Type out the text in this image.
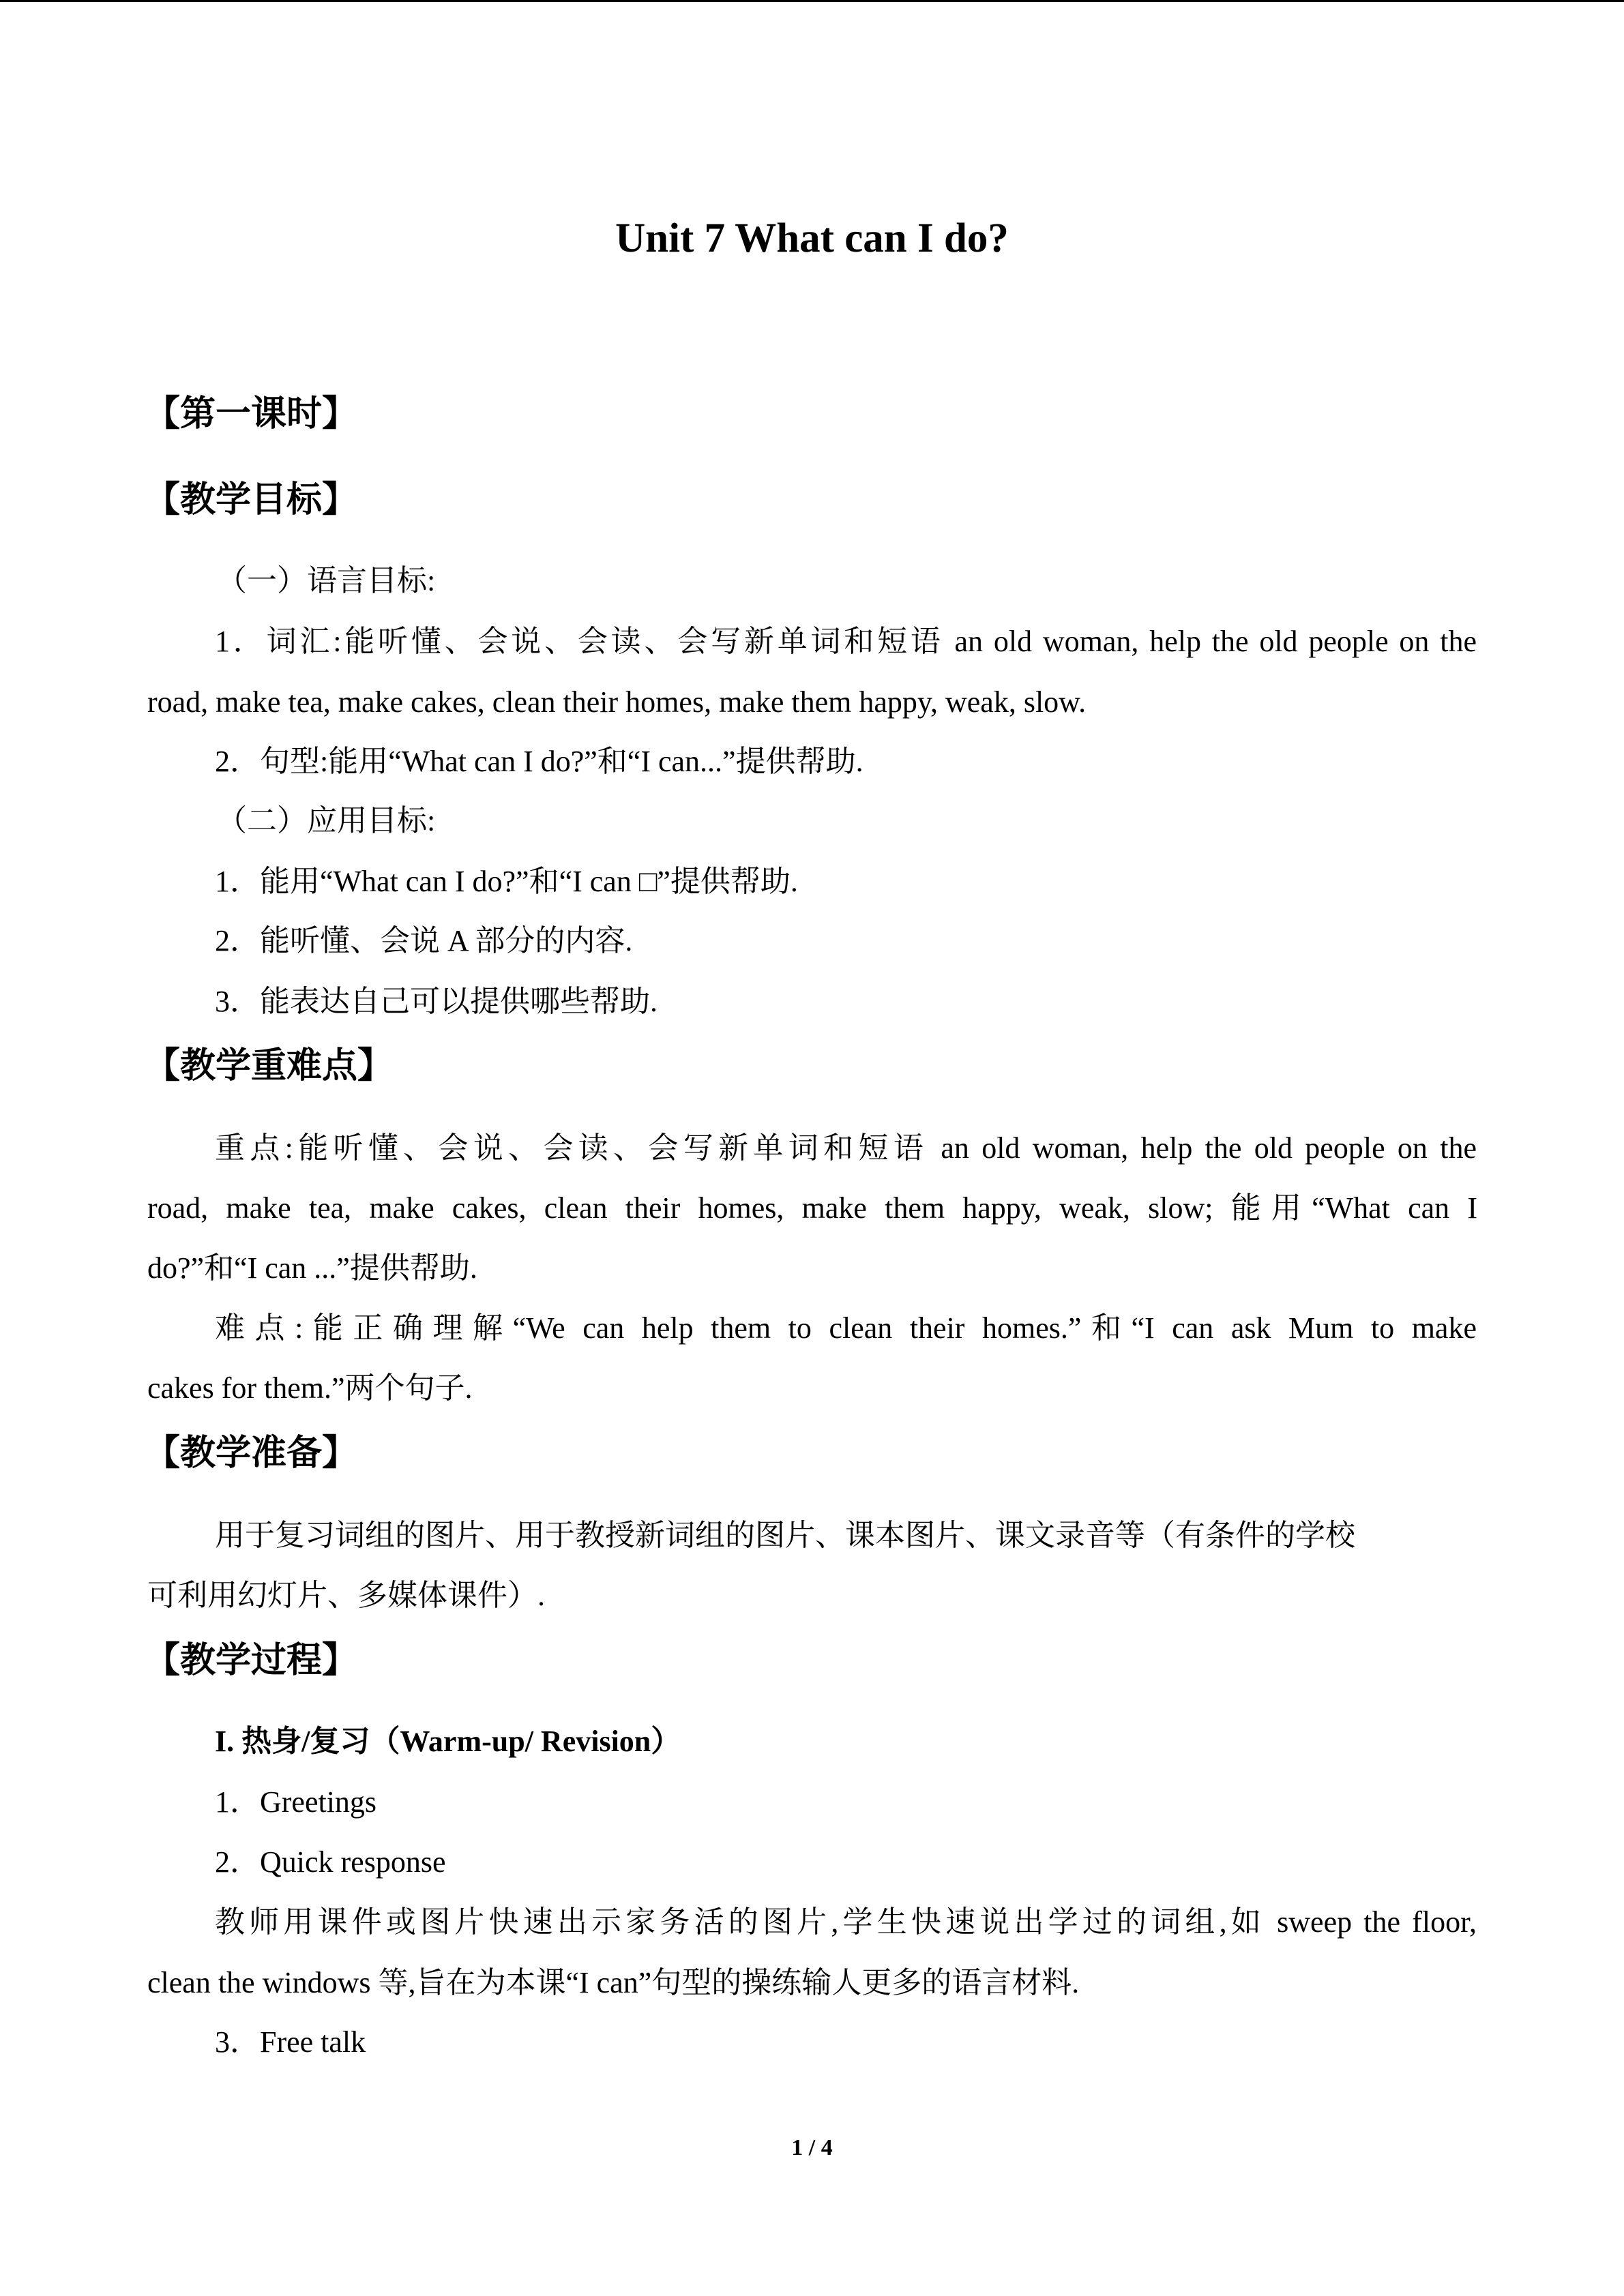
Unit 7 What can I do?
【第一课时】
【教学目标】
（一）语言目标:
1．词汇:能听懂、会说、会读、会写新单词和短语 an old woman, help the old people on the
road, make tea, make cakes, clean their homes, make them happy, weak, slow.
2．句型:能用“What can I do?”和“I can...”提供帮助.
（二）应用目标:
1．能用“What can I do?”和“I can □”提供帮助.
2．能听懂、会说 A 部分的内容.
3．能表达自己可以提供哪些帮助.
【教学重难点】
重点:能听懂、会说、会读、会写新单词和短语 an old woman, help the old people on the
road, make tea, make cakes, clean their homes, make them happy, weak, slow; 能用“What can I
do?”和“I can ...”提供帮助.
难点:能正确理解“We can help them to clean their homes.”和“I can ask Mum to make
cakes for them.”两个句子.
【教学准备】
用于复习词组的图片、用于教授新词组的图片、课本图片、课文录音等（有条件的学校
可利用幻灯片、多媒体课件）.
【教学过程】
I. 热身/复习（Warm-up/ Revision）
1．Greetings
2．Quick response
教师用课件或图片快速出示家务活的图片,学生快速说出学过的词组,如 sweep the floor,
clean the windows 等,旨在为本课“I can”句型的操练输人更多的语言材料.
3．Free talk
1 / 4
